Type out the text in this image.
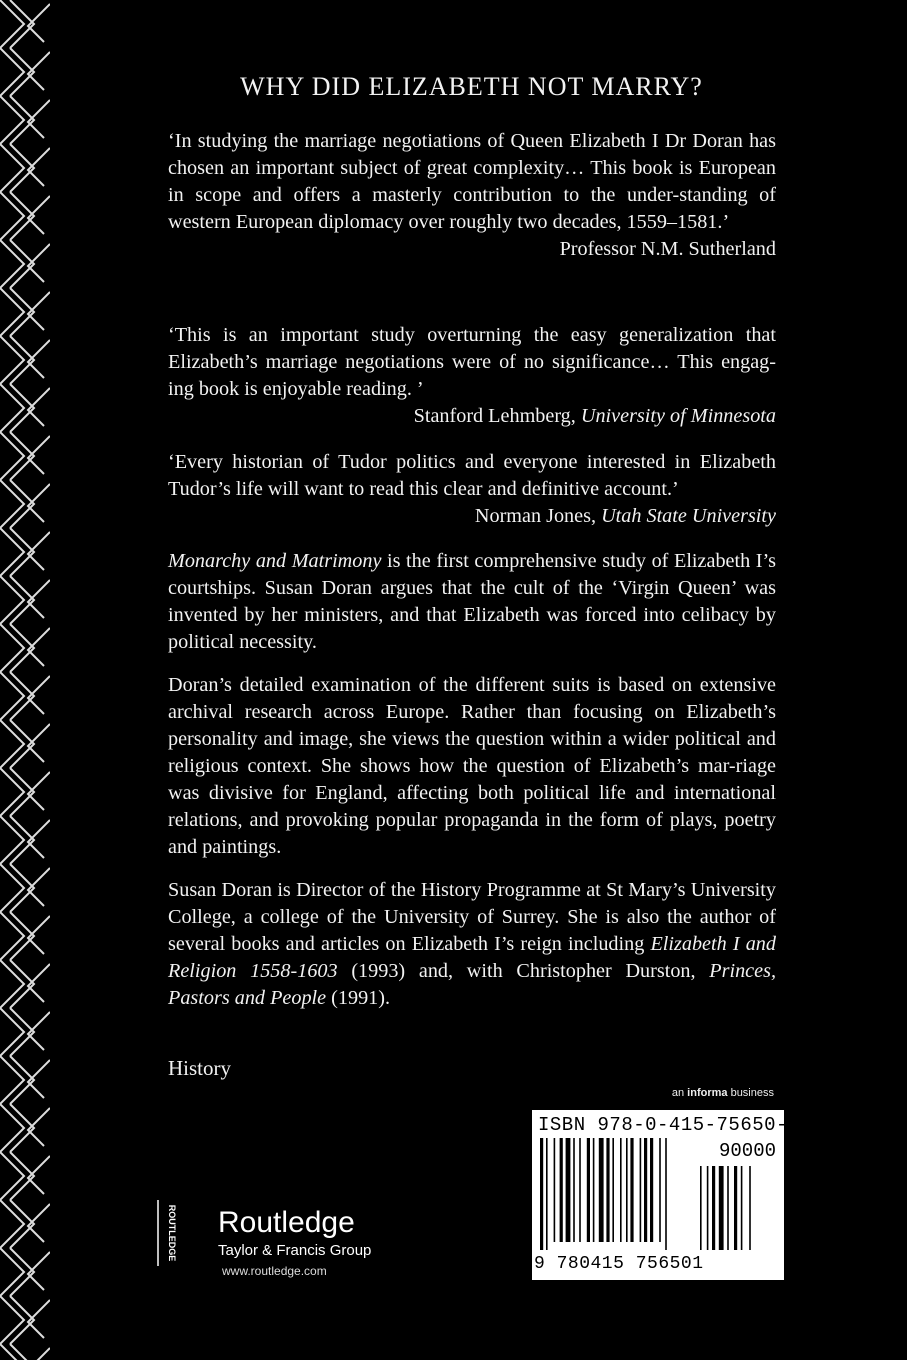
WHY DID ELIZABETH NOT MARRY?

‘In studying the marriage negotiations of Queen Elizabeth I Dr Doran has chosen an important subject of great complexity… This book is European in scope and offers a masterly contribution to the under-standing of western European diplomacy over roughly two decades, 1559–1581.’

Professor N.M. Sutherland

‘This is an important study overturning the easy generalization that Elizabeth’s marriage negotiations were of no significance… This engag-ing book is enjoyable reading. ’

Stanford Lehmberg, University of Minnesota

‘Every historian of Tudor politics and everyone interested in Elizabeth Tudor’s life will want to read this clear and definitive account.’

Norman Jones, Utah State University

Monarchy and Matrimony is the first comprehensive study of Elizabeth I’s courtships. Susan Doran argues that the cult of the ‘Virgin Queen’ was invented by her ministers, and that Elizabeth was forced into celibacy by political necessity.

Doran’s detailed examination of the different suits is based on extensive archival research across Europe. Rather than focusing on Elizabeth’s personality and image, she views the question within a wider political and religious context. She shows how the question of Elizabeth’s mar-riage was divisive for England, affecting both political life and international relations, and provoking popular propaganda in the form of plays, poetry and paintings.

Susan Doran is Director of the History Programme at St Mary’s University College, a college of the University of Surrey. She is also the author of several books and articles on Elizabeth I’s reign including Elizabeth I and Religion 1558-1603 (1993) and, with Christopher Durston, Princes, Pastors and People (1991).

History

an informa business
ISBN 978-0-415-75650-1
90000
9 780415 756501
ROUTLEDGE Routledge
Taylor & Francis Group
www.routledge.com
